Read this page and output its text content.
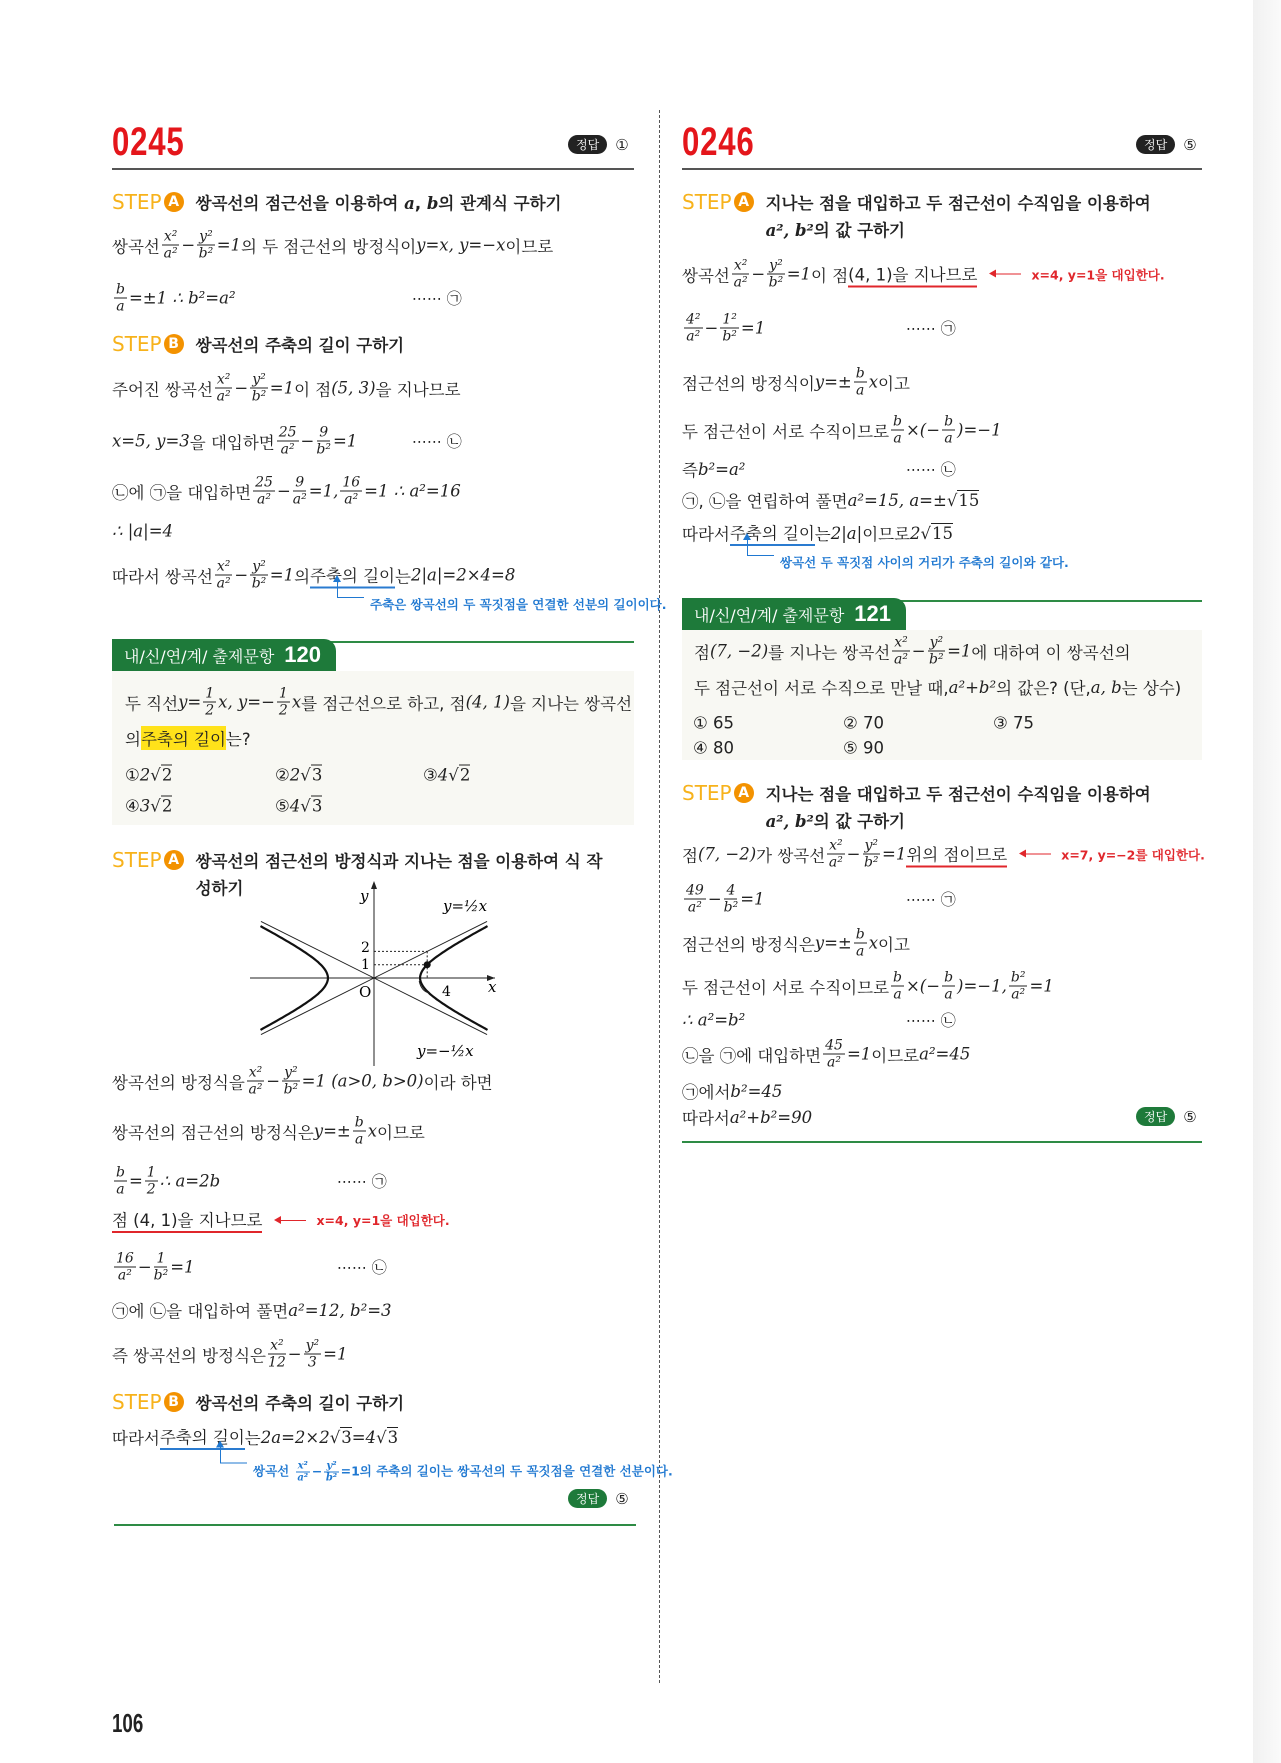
0245	정답	① 0246	정답	⑤
내/신/연/계/ 출제문항 120
내/신/연/계/ 출제문항 121
y
x
O
1
2
4
y=½x
y=−½x
정답	⑤
정답	⑤
106
STEP A 쌍곡선의 점근선을 이용하여 a, b의 관계식 구하기
쌍곡선 $\frac{\text{x²}}{\text{a²}} - \frac{\text{y²}}{\text{b²}} =1$ 의 두 점근선의 방정식이 y=x, y=−x 이므로
⋯⋯ ㉠
$\frac{b}{a} =\pm 1$ ∴ b²=a²
STEP B 쌍곡선의 주축의 길이 구하기
주어진 쌍곡선 $\frac{\text{x²}}{\text{a²}} - \frac{\text{y²}}{\text{b²}} =1$ 이 점 (5, 3) 을 지나므로
⋯⋯ ㉡
x=5, y=3 을 대입하면 $\frac{25}{\text{a²}} - \frac{9}{\text{b²}} =1$
㉡에 ㉠을 대입하면 $\frac{25}{\text{a²}} - \frac{9}{\text{a²}} =1$, $\frac{16}{\text{a²}} =1$ ∴ a²=16
∴ |a|=4
따라서 쌍곡선 $\frac{\text{x²}}{\text{a²}} - \frac{\text{y²}}{\text{b²}} =1$ 의 주축의 길이 는 2|a|=2×4=8
주축은 쌍곡선의 두 꼭짓점을 연결한 선분의 길이이다.
STEP A 쌍곡선의 점근선의 방정식과 지나는 점을 이용하여 식 작성하기
쌍곡선의 방정식을 $\frac{\text{x²}}{\text{a²}} - \frac{\text{y²}}{\text{b²}} =1$ (a>0, b>0) 이라 하면
쌍곡선의 점근선의 방정식은 $y=\pm \frac{b}{a}$ x 이므로
⋯⋯ ㉠
$\frac{b}{a} = \frac{1}{2}$ ∴ a=2b
점 (4, 1)을 지나므로	x=4, y=1을 대입한다.
⋯⋯ ㉡
$\frac{16}{\text{a²}} - \frac{1}{\text{b²}} =1$
㉠에 ㉡을 대입하여 풀면 a²=12, b²=3
즉 쌍곡선의 방정식은 $\frac{\text{x²}}{12} - \frac{\text{y²}}{3} =1$
STEP B 쌍곡선의 주축의 길이 구하기
따라서 주축의 길이 는 2a=2×2 √3 =4 √3
쌍곡선 $\frac{\text{x²}}{\text{a²}} - \frac{\text{y²}}{\text{b²}} =1$의 주축의 길이는 쌍곡선의 두 꼭짓점을 연결한 선분이다.
두 직선 $y= \frac{1}{2} x$, $y=- \frac{1}{2}$ x 를 점근선으로 하고, 점 (4, 1) 을 지나는 쌍곡선
의 주축의 길이 는?
① 2 √2	② 2 √3	③ 4 √2
④ 3 √2	⑤ 4 √3
STEP A 지나는 점을 대입하고 두 점근선이 수직임을 이용하여 a², b²의 값 구하기
쌍곡선 $\frac{\text{x²}}{\text{a²}} - \frac{\text{y²}}{\text{b²}} =1$ 이 점 (4, 1)을 지나므로	x=4, y=1을 대입한다.
⋯⋯ ㉠
$\frac{\text{4²}}{\text{a²}} - \frac{\text{1²}}{\text{b²}} =1$
점근선의 방정식이 $y=\pm \frac{b}{a}$ x 이고
두 점근선이 서로 수직이므로 $\frac{b}{a}$ ×(− $\frac{b}{a} )=-1$
⋯⋯ ㉡
즉 b²=a²
㉠, ㉡을 연립하여 풀면 a²=15, a=± √15
따라서 주축의 길이 는 2|a| 이므로 2 √15
쌍곡선 두 꼭짓점 사이의 거리가 주축의 길이와 같다.
STEP A 지나는 점을 대입하고 두 점근선이 수직임을 이용하여 a², b²의 값 구하기
점 (7, −2) 가 쌍곡선 $\frac{\text{x²}}{\text{a²}} - \frac{\text{y²}}{\text{b²}} =1$ 위의 점이므로	x=7, y=−2를 대입한다.
⋯⋯ ㉠
$\frac{49}{\text{a²}} - \frac{4}{\text{b²}} =1$
점근선의 방정식은 $y=\pm \frac{b}{a}$ x 이고
두 점근선이 서로 수직이므로 $\frac{b}{a}$ ×(− $\frac{b}{a} )=-1$, $\frac{\text{b²}}{\text{a²}} =1$
⋯⋯ ㉡
∴ a²=b²
㉡을 ㉠에 대입하면 $\frac{45}{\text{a²}} =1$ 이므로 a²=45
㉠에서 b²=45
따라서 a²+b²=90
점 (7, −2) 를 지나는 쌍곡선 $\frac{\text{x²}}{\text{a²}} - \frac{\text{y²}}{\text{b²}} =1$ 에 대하여 이 쌍곡선의
두 점근선이 서로 수직으로 만날 때, a²+b² 의 값은? (단, a, b 는 상수)
① 65	② 70	③ 75
④ 80	⑤ 90
